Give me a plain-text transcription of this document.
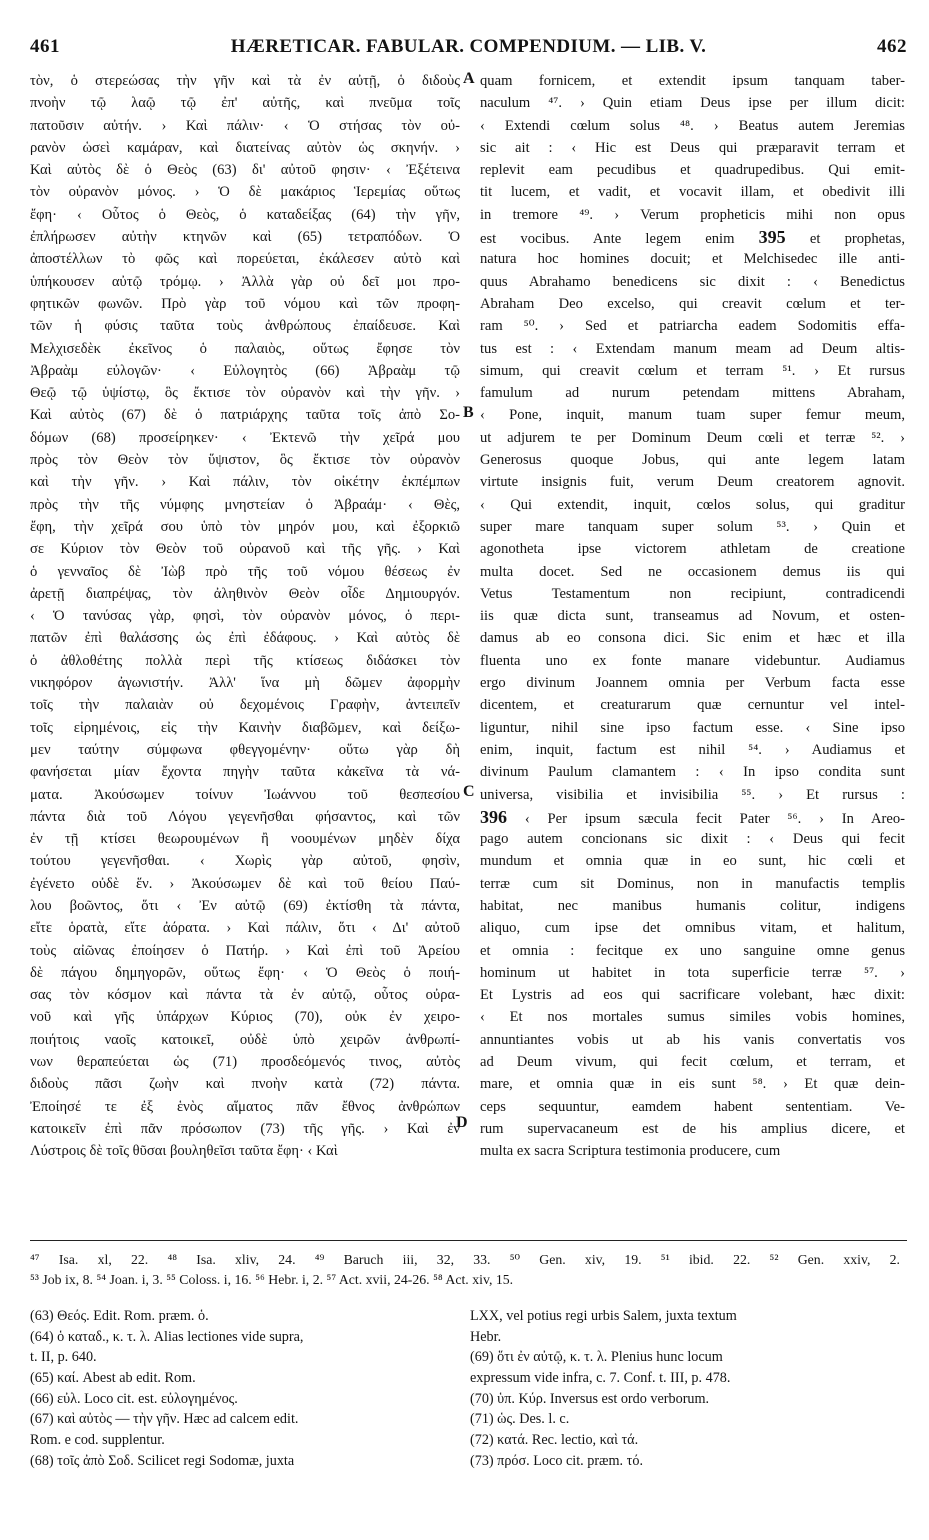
461	HÆRETICAR. FABULAR. COMPENDIUM. — LIB. V.	462
τὸν, ὁ στερεώσας τὴν γῆν καὶ τὰ ἐν αὐτῇ, ὁ διδοὺς
πνοὴν τῷ λαῷ τῷ ἐπ' αὐτῆς, καὶ πνεῦμα τοῖς
πατοῦσιν αὐτήν. › Καὶ πάλιν· ‹ Ὁ στήσας τὸν οὐ-
ρανὸν ὡσεὶ καμάραν, καὶ διατείνας αὐτὸν ὡς σκηνήν. ›
Καὶ αὐτὸς δὲ ὁ Θεὸς (63) δι' αὐτοῦ φησιν· ‹ Ἐξέτεινα
τὸν οὐρανὸν μόνος. › Ὁ δὲ μακάριος Ἱερεμίας οὕτως
ἔφη· ‹ Οὗτος ὁ Θεὸς, ὁ καταδείξας (64) τὴν γῆν,
ἐπλήρωσεν αὐτὴν κτηνῶν καὶ (65) τετραπόδων. Ὁ
ἀποστέλλων τὸ φῶς καὶ πορεύεται, ἐκάλεσεν αὐτὸ καὶ
ὑπήκουσεν αὐτῷ τρόμῳ. › Ἀλλὰ γὰρ οὐ δεῖ μοι προ-
φητικῶν φωνῶν. Πρὸ γὰρ τοῦ νόμου καὶ τῶν προφη-
τῶν ἡ φύσις ταῦτα τοὺς ἀνθρώπους ἐπαίδευσε. Καὶ
Μελχισεδὲκ ἐκεῖνος ὁ παλαιὸς, οὕτως ἔφησε τὸν
Ἀβραὰμ εὐλογῶν· ‹ Εὐλογητὸς (66) Ἀβραὰμ τῷ
Θεῷ τῷ ὑψίστῳ, ὃς ἔκτισε τὸν οὐρανὸν καὶ τὴν γῆν. ›
Καὶ αὐτὸς (67) δὲ ὁ πατριάρχης ταῦτα τοῖς ἀπὸ Σο-
δόμων (68) προσείρηκεν· ‹ Ἐκτενῶ τὴν χεῖρά μου
πρὸς τὸν Θεὸν τὸν ὕψιστον, ὃς ἔκτισε τὸν οὐρανὸν
καὶ τὴν γῆν. › Καὶ πάλιν, τὸν οἰκέτην ἐκπέμπων
πρὸς τὴν τῆς νύμφης μνηστείαν ὁ Ἀβραάμ· ‹ Θὲς,
ἔφη, τὴν χεῖρά σου ὑπὸ τὸν μηρόν μου, καὶ ἐξορκιῶ
σε Κύριον τὸν Θεὸν τοῦ οὐρανοῦ καὶ τῆς γῆς. › Καὶ
ὁ γενναῖος δὲ Ἰὼβ πρὸ τῆς τοῦ νόμου θέσεως ἐν
ἀρετῇ διαπρέψας, τὸν ἀληθινὸν Θεὸν οἶδε Δημιουργόν.
‹ Ὁ τανύσας γὰρ, φησὶ, τὸν οὐρανὸν μόνος, ὁ περι-
πατῶν ἐπὶ θαλάσσης ὡς ἐπὶ ἐδάφους. › Καὶ αὐτὸς δὲ
ὁ ἀθλοθέτης πολλὰ περὶ τῆς κτίσεως διδάσκει τὸν
νικηφόρον ἀγωνιστήν. Ἀλλ' ἵνα μὴ δῶμεν ἀφορμὴν
τοῖς τὴν παλαιὰν οὐ δεχομένοις Γραφὴν, ἀντειπεῖν
τοῖς εἰρημένοις, εἰς τὴν Καινὴν διαβῶμεν, καὶ δείξω-
μεν ταύτην σύμφωνα φθεγγομένην· οὕτω γὰρ δὴ
φανήσεται μίαν ἔχοντα πηγὴν ταῦτα κἀκεῖνα τὰ νά-
ματα. Ἀκούσωμεν τοίνυν Ἰωάννου τοῦ θεσπεσίου
πάντα διὰ τοῦ Λόγου γεγενῆσθαι φήσαντος, καὶ τῶν
ἐν τῇ κτίσει θεωρουμένων ἢ νοουμένων μηδὲν δίχα
τούτου γεγενῆσθαι. ‹ Χωρὶς γὰρ αὐτοῦ, φησὶν,
ἐγένετο οὐδὲ ἕν. › Ἀκούσωμεν δὲ καὶ τοῦ θείου Παύ-
λου βοῶντος, ὅτι ‹ Ἐν αὐτῷ (69) ἐκτίσθη τὰ πάντα,
εἴτε ὁρατὰ, εἴτε ἀόρατα. › Καὶ πάλιν, ὅτι ‹ Δι' αὐτοῦ
τοὺς αἰῶνας ἐποίησεν ὁ Πατήρ. › Καὶ ἐπὶ τοῦ Ἀρείου
δὲ πάγου δημηγορῶν, οὕτως ἔφη· ‹ Ὁ Θεὸς ὁ ποιή-
σας τὸν κόσμον καὶ πάντα τὰ ἐν αὐτῷ, οὗτος οὐρα-
νοῦ καὶ γῆς ὑπάρχων Κύριος (70), οὐκ ἐν χειρο-
ποιήτοις ναοῖς κατοικεῖ, οὐδὲ ὑπὸ χειρῶν ἀνθρωπί-
νων θεραπεύεται ὡς (71) προσδεόμενός τινος, αὐτὸς
διδοὺς πᾶσι ζωὴν καὶ πνοὴν κατὰ (72) πάντα.
Ἐποίησέ τε ἐξ ἑνὸς αἵματος πᾶν ἔθνος ἀνθρώπων
κατοικεῖν ἐπὶ πᾶν πρόσωπον (73) τῆς γῆς. › Καὶ ἐν
Λύστροις δὲ τοῖς θῦσαι βουληθεῖσι ταῦτα ἔφη· ‹ Καὶ
quam fornicem, et extendit ipsum tanquam taber-
naculum ⁴⁷. › Quin etiam Deus ipse per illum dicit:
‹ Extendi cœlum solus ⁴⁸. › Beatus autem Jeremias
sic ait : ‹ Hic est Deus qui præparavit terram et
replevit eam pecudibus et quadrupedibus. Qui emit-
tit lucem, et vadit, et vocavit illam, et obedivit illi
in tremore ⁴⁹. › Verum propheticis mihi non opus
est vocibus. Ante legem enim 395 et prophetas,
natura hoc homines docuit; et Melchisedec ille anti-
quus Abrahamo benedicens sic dixit : ‹ Benedictus
Abraham Deo excelso, qui creavit cœlum et ter-
ram ⁵⁰. › Sed et patriarcha eadem Sodomitis effa-
tus est : ‹ Extendam manum meam ad Deum altis-
simum, qui creavit cœlum et terram ⁵¹. › Et rursus
famulum ad nurum petendam mittens Abraham,
‹ Pone, inquit, manum tuam super femur meum,
ut adjurem te per Dominum Deum cœli et terræ ⁵². ›
Generosus quoque Jobus, qui ante legem latam
virtute insignis fuit, verum Deum creatorem agnovit.
‹ Qui extendit, inquit, cœlos solus, qui graditur
super mare tanquam super solum ⁵³. › Quin et
agonotheta ipse victorem athletam de creatione
multa docet. Sed ne occasionem demus iis qui
Vetus Testamentum non recipiunt, contradicendi
iis quæ dicta sunt, transeamus ad Novum, et osten-
damus ab eo consona dici. Sic enim et hæc et illa
fluenta uno ex fonte manare videbuntur. Audiamus
ergo divinum Joannem omnia per Verbum facta esse
dicentem, et creaturarum quæ cernuntur vel intel-
liguntur, nihil sine ipso factum esse. ‹ Sine ipso
enim, inquit, factum est nihil ⁵⁴. › Audiamus et
divinum Paulum clamantem : ‹ In ipso condita sunt
universa, visibilia et invisibilia ⁵⁵. › Et rursus :
396 ‹ Per ipsum sæcula fecit Pater ⁵⁶. › In Areo-
pago autem concionans sic dixit : ‹ Deus qui fecit
mundum et omnia quæ in eo sunt, hic cœli et
terræ cum sit Dominus, non in manufactis templis
habitat, nec manibus humanis colitur, indigens
aliquo, cum ipse det omnibus vitam, et halitum,
et omnia : fecitque ex uno sanguine omne genus
hominum ut habitet in tota superficie terræ ⁵⁷. ›
Et Lystris ad eos qui sacrificare volebant, hæc dixit:
‹ Et nos mortales sumus similes vobis homines,
annuntiantes vobis ut ab his vanis convertatis vos
ad Deum vivum, qui fecit cœlum, et terram, et
mare, et omnia quæ in eis sunt ⁵⁸. › Et quæ dein-
ceps sequuntur, eamdem habent sententiam. Ve-
rum supervacaneum est de his amplius dicere, et
multa ex sacra Scriptura testimonia producere, cum
A
B
C
D
⁴⁷ Isa. xl, 22. ⁴⁸ Isa. xliv, 24. ⁴⁹ Baruch iii, 32, 33. ⁵⁰ Gen. xiv, 19. ⁵¹ ibid. 22. ⁵² Gen. xxiv, 2.
⁵³ Job ix, 8. ⁵⁴ Joan. i, 3. ⁵⁵ Coloss. i, 16. ⁵⁶ Hebr. i, 2. ⁵⁷ Act. xvii, 24-26. ⁵⁸ Act. xiv, 15.
(63) Θεός. Edit. Rom. præm. ὁ.
(64) ὁ καταδ., κ. τ. λ. Alias lectiones vide supra,
t. II, p. 640.
(65) καί. Abest ab edit. Rom.
(66) εὐλ. Loco cit. est. εὐλογημένος.
(67) καὶ αὐτὸς — τὴν γῆν. Hæc ad calcem edit.
Rom. e cod. supplentur.
(68) τοῖς ἀπὸ Σοδ. Scilicet regi Sodomæ, juxta
LXX, vel potius regi urbis Salem, juxta textum
Hebr.
(69) ὅτι ἐν αὐτῷ, κ. τ. λ. Plenius hunc locum
expressum vide infra, c. 7. Conf. t. III, p. 478.
(70) ὑπ. Κύρ. Inversus est ordo verborum.
(71) ὡς. Des. l. c.
(72) κατά. Rec. lectio, καὶ τά.
(73) πρόσ. Loco cit. præm. τό.
